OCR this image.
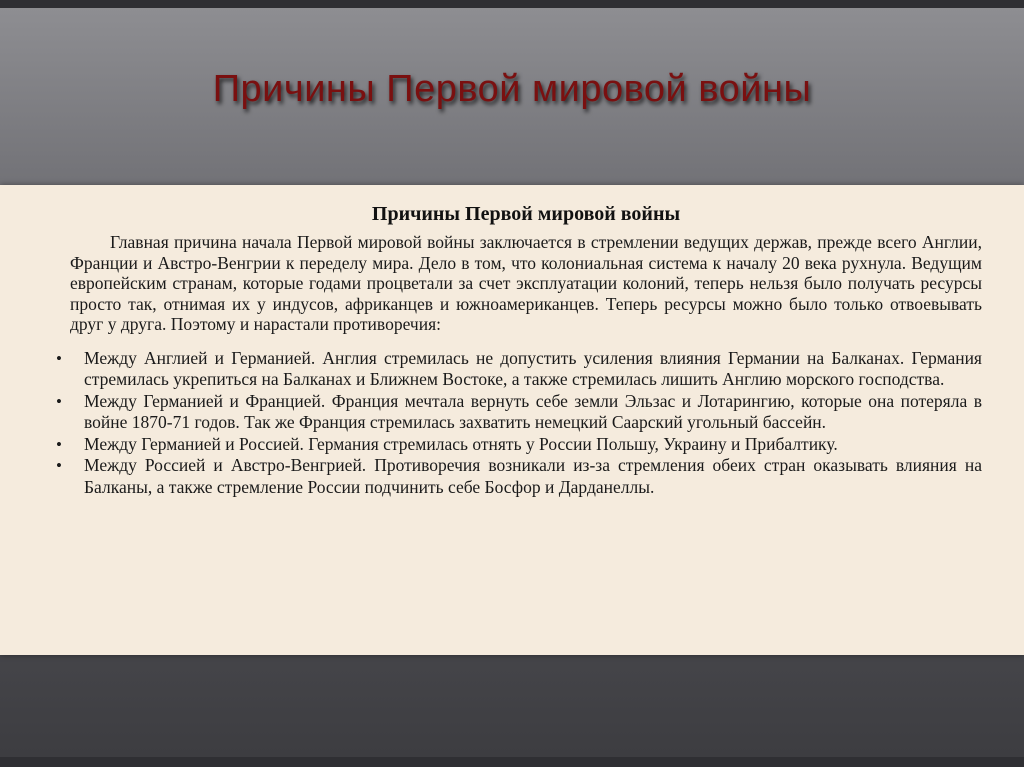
Причины Первой мировой войны
Причины Первой мировой войны

Главная причина начала Первой мировой войны заключается в стремлении ведущих держав, прежде всего Англии, Франции и Австро-Венгрии к переделу мира. Дело в том, что колониальная система к началу 20 века рухнула. Ведущим европейским странам, которые годами процветали за счет эксплуатации колоний, теперь нельзя было получать ресурсы просто так, отнимая их у индусов, африканцев и южноамериканцев. Теперь ресурсы можно было только отвоевывать друг у друга. Поэтому и нарастали противоречия:

• Между Англией и Германией. Англия стремилась не допустить усиления влияния Германии на Балканах. Германия стремилась укрепиться на Балканах и Ближнем Востоке, а также стремилась лишить Англию морского господства.
• Между Германией и Францией. Франция мечтала вернуть себе земли Эльзас и Лотарингию, которые она потеряла в войне 1870-71 годов. Так же Франция стремилась захватить немецкий Саарский угольный бассейн.
• Между Германией и Россией. Германия стремилась отнять у России Польшу, Украину и Прибалтику.
• Между Россией и Австро-Венгрией. Противоречия возникали из-за стремления обеих стран оказывать влияния на Балканы, а также стремление России подчинить себе Босфор и Дарданеллы.
